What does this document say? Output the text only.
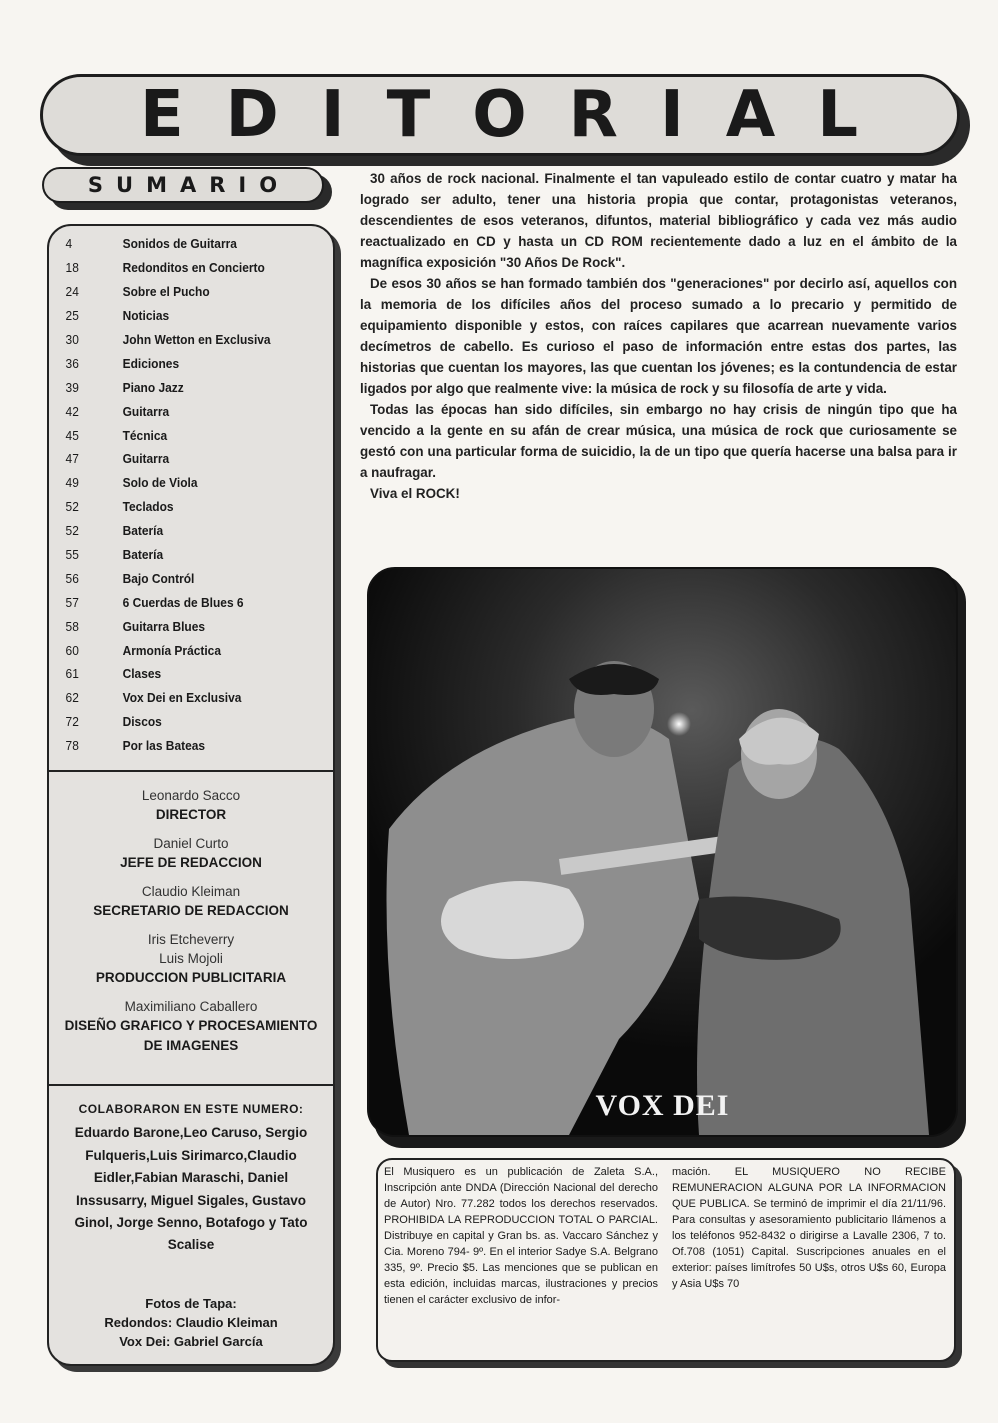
EDITORIAL
SUMARIO
4	Sonidos de Guitarra
18	Redonditos en Concierto
24	Sobre el Pucho
25	Noticias
30	John Wetton en Exclusiva
36	Ediciones
39	Piano Jazz
42	Guitarra
45	Técnica
47	Guitarra
49	Solo de Viola
52	Teclados
52	Batería
55	Batería
56	Bajo Contról
57	6 Cuerdas de Blues 6
58	Guitarra Blues
60	Armonía Práctica
61	Clases
62	Vox Dei en Exclusiva
72	Discos
78	Por las Bateas
Leonardo Sacco
DIRECTOR
Daniel Curto
JEFE DE REDACCION
Claudio Kleiman
SECRETARIO DE REDACCION
Iris Etcheverry
Luis Mojoli
PRODUCCION PUBLICITARIA
Maximiliano Caballero
DISEÑO GRAFICO Y PROCESAMIENTO DE IMAGENES
COLABORARON EN ESTE NUMERO:
Eduardo Barone,Leo Caruso, Sergio Fulqueris,Luis Sirimarco,Claudio Eidler,Fabian Maraschi, Daniel Inssusarry, Miguel Sigales, Gustavo Ginol, Jorge Senno, Botafogo y Tato Scalise
Fotos de Tapa:
Redondos: Claudio Kleiman
Vox Dei: Gabriel García

30 años de rock nacional. Finalmente el tan vapuleado estilo de contar cuatro y matar ha logrado ser adulto, tener una historia propia que contar, protagonistas veteranos, descendientes de esos veteranos, difuntos, material bibliográfico y cada vez más audio reactualizado en CD y hasta un CD ROM recientemente dado a luz en el ámbito de la magnífica exposición "30 Años De Rock".

De esos 30 años se han formado también dos "generaciones" por decirlo así, aquellos con la memoria de los difíciles años del proceso sumado a lo precario y permitido de equipamiento disponible y estos, con raíces capilares que acarrean nuevamente varios decímetros de cabello. Es curioso el paso de información entre estas dos partes, las historias que cuentan los mayores, las que cuentan los jóvenes; es la contundencia de estar ligados por algo que realmente vive: la música de rock y su filosofía de arte y vida.

Todas las épocas han sido difíciles, sin embargo no hay crisis de ningún tipo que ha vencido a la gente en su afán de crear música, una música de rock que curiosamente se gestó con una particular forma de suicidio, la de un tipo que quería hacerse una balsa para ir a naufragar.

Viva el ROCK!

VOX DEI
El Musiquero es un publicación de Zaleta S.A., Inscripción ante DNDA (Dirección Nacional del derecho de Autor) Nro. 77.282 todos los derechos reservados. PROHIBIDA LA REPRODUCCION TOTAL O PARCIAL. Distribuye en capital y Gran bs. as. Vaccaro Sánchez y Cia. Moreno 794- 9º. En el interior Sadye S.A. Belgrano 335, 9º. Precio $5. Las menciones que se publican en esta edición, incluidas marcas, ilustraciones y precios tienen el carácter exclusivo de infor-
mación. EL MUSIQUERO NO RECIBE REMUNERACION ALGUNA POR LA INFORMACION QUE PUBLICA. Se terminó de imprimir el día 21/11/96. Para consultas y asesoramiento publicitario llámenos a los teléfonos 952-8432 o dirigirse a Lavalle 2306, 7 to. Of.708 (1051) Capital. Suscripciones anuales en el exterior: países limítrofes 50 U$s, otros U$s 60, Europa y Asia U$s 70
